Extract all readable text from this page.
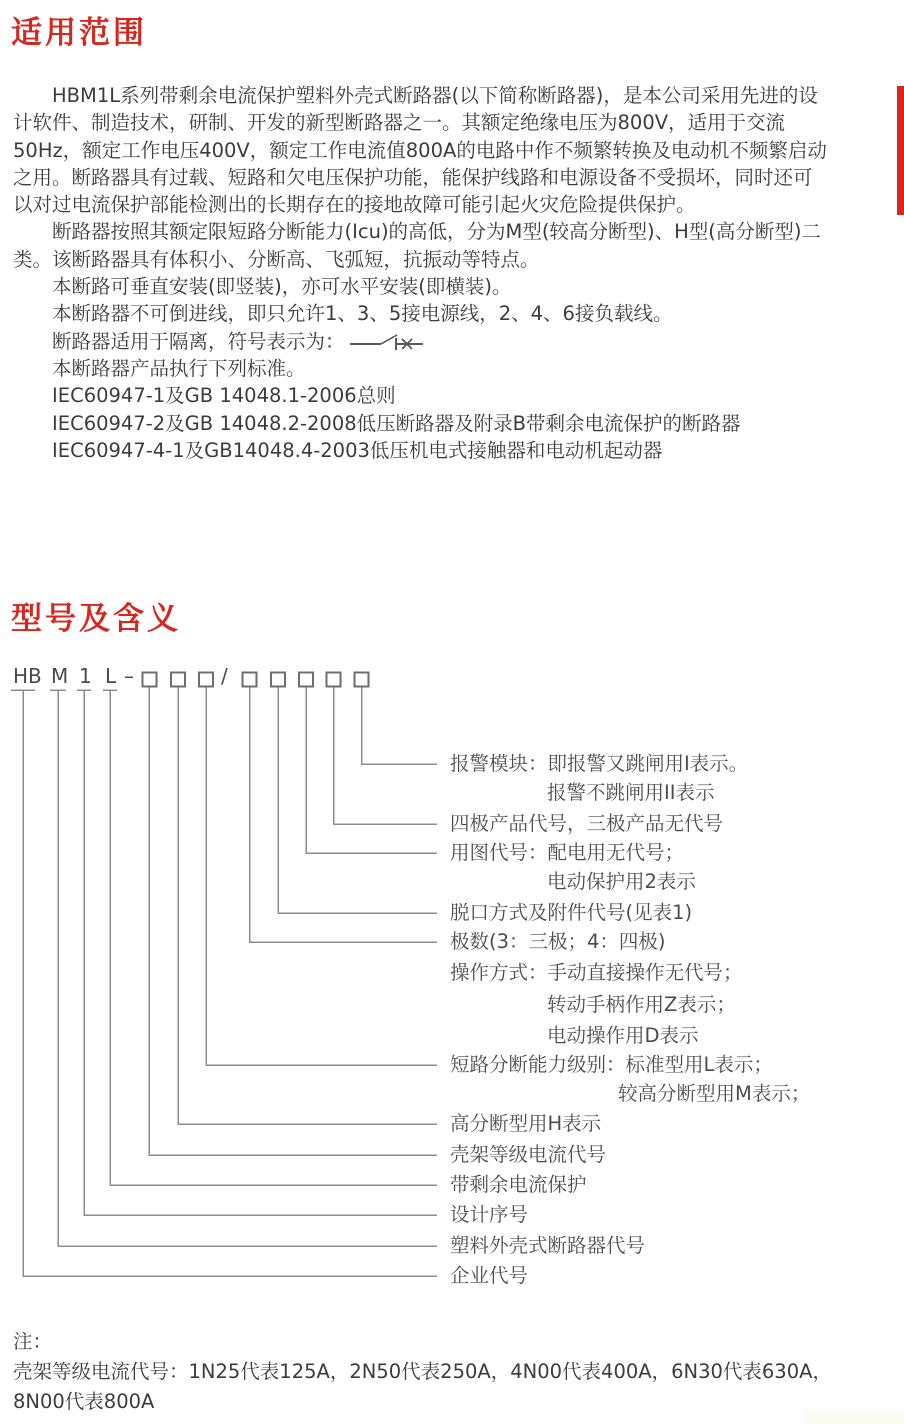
适用范围
HBM1L系列带剩余电流保护塑料外壳式断路器(以下简称断路器)，是本公司采用先进的设
计软件、制造技术，研制、开发的新型断路器之一。其额定绝缘电压为800V，适用于交流
50Hz，额定工作电压400V，额定工作电流值800A的电路中作不频繁转换及电动机不频繁启动
之用。断路器具有过载、短路和欠电压保护功能，能保护线路和电源设备不受损坏，同时还可
以对过电流保护部能检测出的长期存在的接地故障可能引起火灾危险提供保护。
断路器按照其额定限短路分断能力(Icu)的高低，分为M型(较高分断型)、H型(高分断型)二
类。该断路器具有体积小、分断高、飞弧短，抗振动等特点。
本断路可垂直安装(即竖装)，亦可水平安装(即横装)。
本断路器不可倒进线，即只允许1、3、5接电源线，2、4、6接负载线。
断路器适用于隔离，符号表示为：
本断路器产品执行下列标准。
IEC60947-1及GB 14048.1-2006总则
IEC60947-2及GB 14048.2-2008低压断路器及附录B带剩余电流保护的断路器
IEC60947-4-1及GB14048.4-2003低压机电式接触器和电动机起动器
型号及含义
HB M 1 L –	/
报警模块：即报警又跳闸用I表示。
报警不跳闸用II表示
四极产品代号，三极产品无代号
用图代号：配电用无代号；
电动保护用2表示
脱口方式及附件代号(见表1)
极数(3：三极；4：四极)
操作方式：手动直接操作无代号；
转动手柄作用Z表示；
电动操作用D表示
短路分断能力级别：标准型用L表示；
较高分断型用M表示；
高分断型用H表示
壳架等级电流代号
带剩余电流保护
设计序号
塑料外壳式断路器代号
企业代号
注：
壳架等级电流代号：1N25代表125A，2N50代表250A，4N00代表400A，6N30代表630A，
8N00代表800A
